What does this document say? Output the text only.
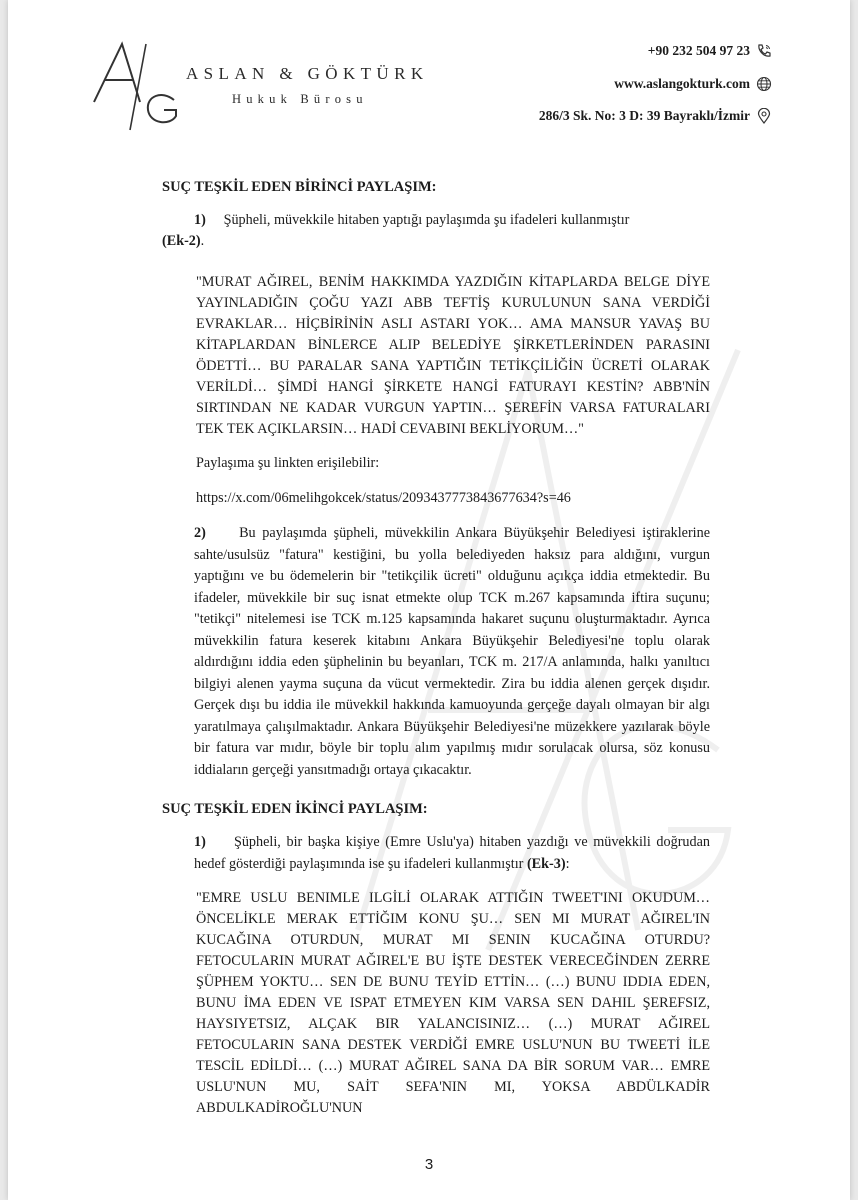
ASLAN & GÖKTÜRK
Hukuk Bürosu
+90 232 504 97 23
www.aslangokturk.com
286/3 Sk. No: 3 D: 39 Bayraklı/İzmir
SUÇ TEŞKİL EDEN BİRİNCİ PAYLAŞIM:

1) Şüpheli, müvekkile hitaben yaptığı paylaşımda şu ifadeleri kullanmıştır

(Ek-2).

"MURAT AĞIREL, BENİM HAKKIMDA YAZDIĞIN KİTAPLARDA BELGE DİYE YAYINLADIĞIN ÇOĞU YAZI ABB TEFTİŞ KURULUNUN SANA VERDİĞİ EVRAKLAR… HİÇBİRİNİN ASLI ASTARI YOK… AMA MANSUR YAVAŞ BU KİTAPLARDAN BİNLERCE ALIP BELEDİYE ŞİRKETLERİNDEN PARASINI ÖDETTİ… BU PARALAR SANA YAPTIĞIN TETİKÇİLİĞİN ÜCRETİ OLARAK VERİLDİ… ŞİMDİ HANGİ ŞİRKETE HANGİ FATURAYI KESTİN? ABB'NİN SIRTINDAN NE KADAR VURGUN YAPTIN… ŞEREFİN VARSA FATURALARI TEK TEK AÇIKLARSIN… HADİ CEVABINI BEKLİYORUM…"

Paylaşıma şu linkten erişilebilir:

https://x.com/06melihgokcek/status/2093437773843677634?s=46

2) Bu paylaşımda şüpheli, müvekkilin Ankara Büyükşehir Belediyesi iştiraklerine sahte/usulsüz "fatura" kestiğini, bu yolla belediyeden haksız para aldığını, vurgun yaptığını ve bu ödemelerin bir "tetikçilik ücreti" olduğunu açıkça iddia etmektedir. Bu ifadeler, müvekkile bir suç isnat etmekte olup TCK m.267 kapsamında iftira suçunu; "tetikçi" nitelemesi ise TCK m.125 kapsamında hakaret suçunu oluşturmaktadır. Ayrıca müvekkilin fatura keserek kitabını Ankara Büyükşehir Belediyesi'ne toplu olarak aldırdığını iddia eden şüphelinin bu beyanları, TCK m. 217/A anlamında, halkı yanıltıcı bilgiyi alenen yayma suçuna da vücut vermektedir. Zira bu iddia alenen gerçek dışıdır. Gerçek dışı bu iddia ile müvekkil hakkında kamuoyunda gerçeğe dayalı olmayan bir algı yaratılmaya çalışılmaktadır. Ankara Büyükşehir Belediyesi'ne müzekkere yazılarak böyle bir fatura var mıdır, böyle bir toplu alım yapılmış mıdır sorulacak olursa, söz konusu iddiaların gerçeği yansıtmadığı ortaya çıkacaktır.

SUÇ TEŞKİL EDEN İKİNCİ PAYLAŞIM:

1) Şüpheli, bir başka kişiye (Emre Uslu'ya) hitaben yazdığı ve müvekkili doğrudan hedef gösterdiği paylaşımında ise şu ifadeleri kullanmıştır (Ek-3):

"EMRE USLU BENIMLE ILGİLİ OLARAK ATTIĞIN TWEET'INI OKUDUM… ÖNCELİKLE MERAK ETTİĞIM KONU ŞU… SEN MI MURAT AĞIREL'IN KUCAĞINA OTURDUN, MURAT MI SENIN KUCAĞINA OTURDU? FETOCULARIN MURAT AĞIREL'E BU İŞTE DESTEK VERECEĞİNDEN ZERRE ŞÜPHEM YOKTU… SEN DE BUNU TEYİD ETTİN… (…) BUNU IDDIA EDEN, BUNU İMA EDEN VE ISPAT ETMEYEN KIM VARSA SEN DAHIL ŞEREFSIZ, HAYSIYETSIZ, ALÇAK BIR YALANCISINIZ… (…) MURAT AĞIREL FETOCULARIN SANA DESTEK VERDİĞİ EMRE USLU'NUN BU TWEETİ İLE TESCİL EDİLDİ… (…) MURAT AĞIREL SANA DA BİR SORUM VAR… EMRE USLU'NUN MU, SAİT SEFA'NIN MI, YOKSA ABDÜLKADİR ABDULKADİROĞLU'NUN

3
